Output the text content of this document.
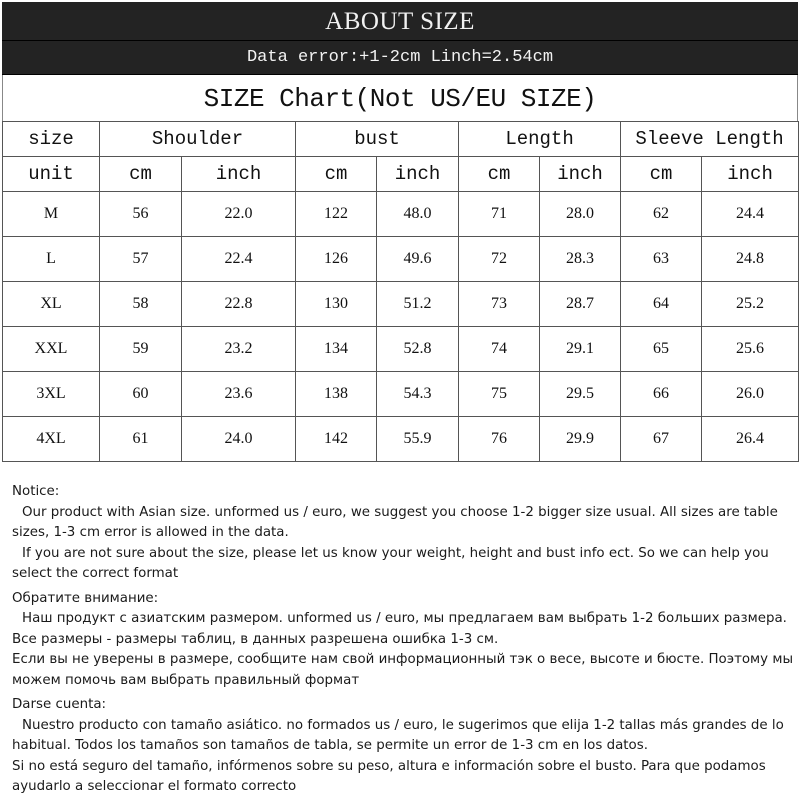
ABOUT SIZE
Data error:+1-2cm Linch=2.54cm
SIZE Chart(Not US/EU SIZE)
size	Shoulder		bust		Length		Sleeve Length	
unit	cm	inch	cm	inch	cm	inch	cm	inch
M	56	22.0	122	48.0	71	28.0	62	24.4
L	57	22.4	126	49.6	72	28.3	63	24.8
XL	58	22.8	130	51.2	73	28.7	64	25.2
XXL	59	23.2	134	52.8	74	29.1	65	25.6
3XL	60	23.6	138	54.3	75	29.5	66	26.0
4XL	61	24.0	142	55.9	76	29.9	67	26.4

Notice:

Our product with Asian size. unformed us / euro, we suggest you choose 1-2 bigger size usual. All sizes are table sizes, 1-3 cm error is allowed in the data.

If you are not sure about the size, please let us know your weight, height and bust info ect. So we can help you select the correct format

Обратите внимание:

Наш продукт с азиатским размером. unformed us / euro, мы предлагаем вам выбрать 1-2 больших размера.

Все размеры - размеры таблиц, в данных разрешена ошибка 1-3 см.

Если вы не уверены в размере, сообщите нам свой информационный тэк о весе, высоте и бюсте. Поэтому мы можем помочь вам выбрать правильный формат

Darse cuenta:

Nuestro producto con tamaño asiático. no formados us / euro, le sugerimos que elija 1-2 tallas más grandes de lo habitual. Todos los tamaños son tamaños de tabla, se permite un error de 1-3 cm en los datos.

Si no está seguro del tamaño, infórmenos sobre su peso, altura e información sobre el busto. Para que podamos ayudarlo a seleccionar el formato correcto
